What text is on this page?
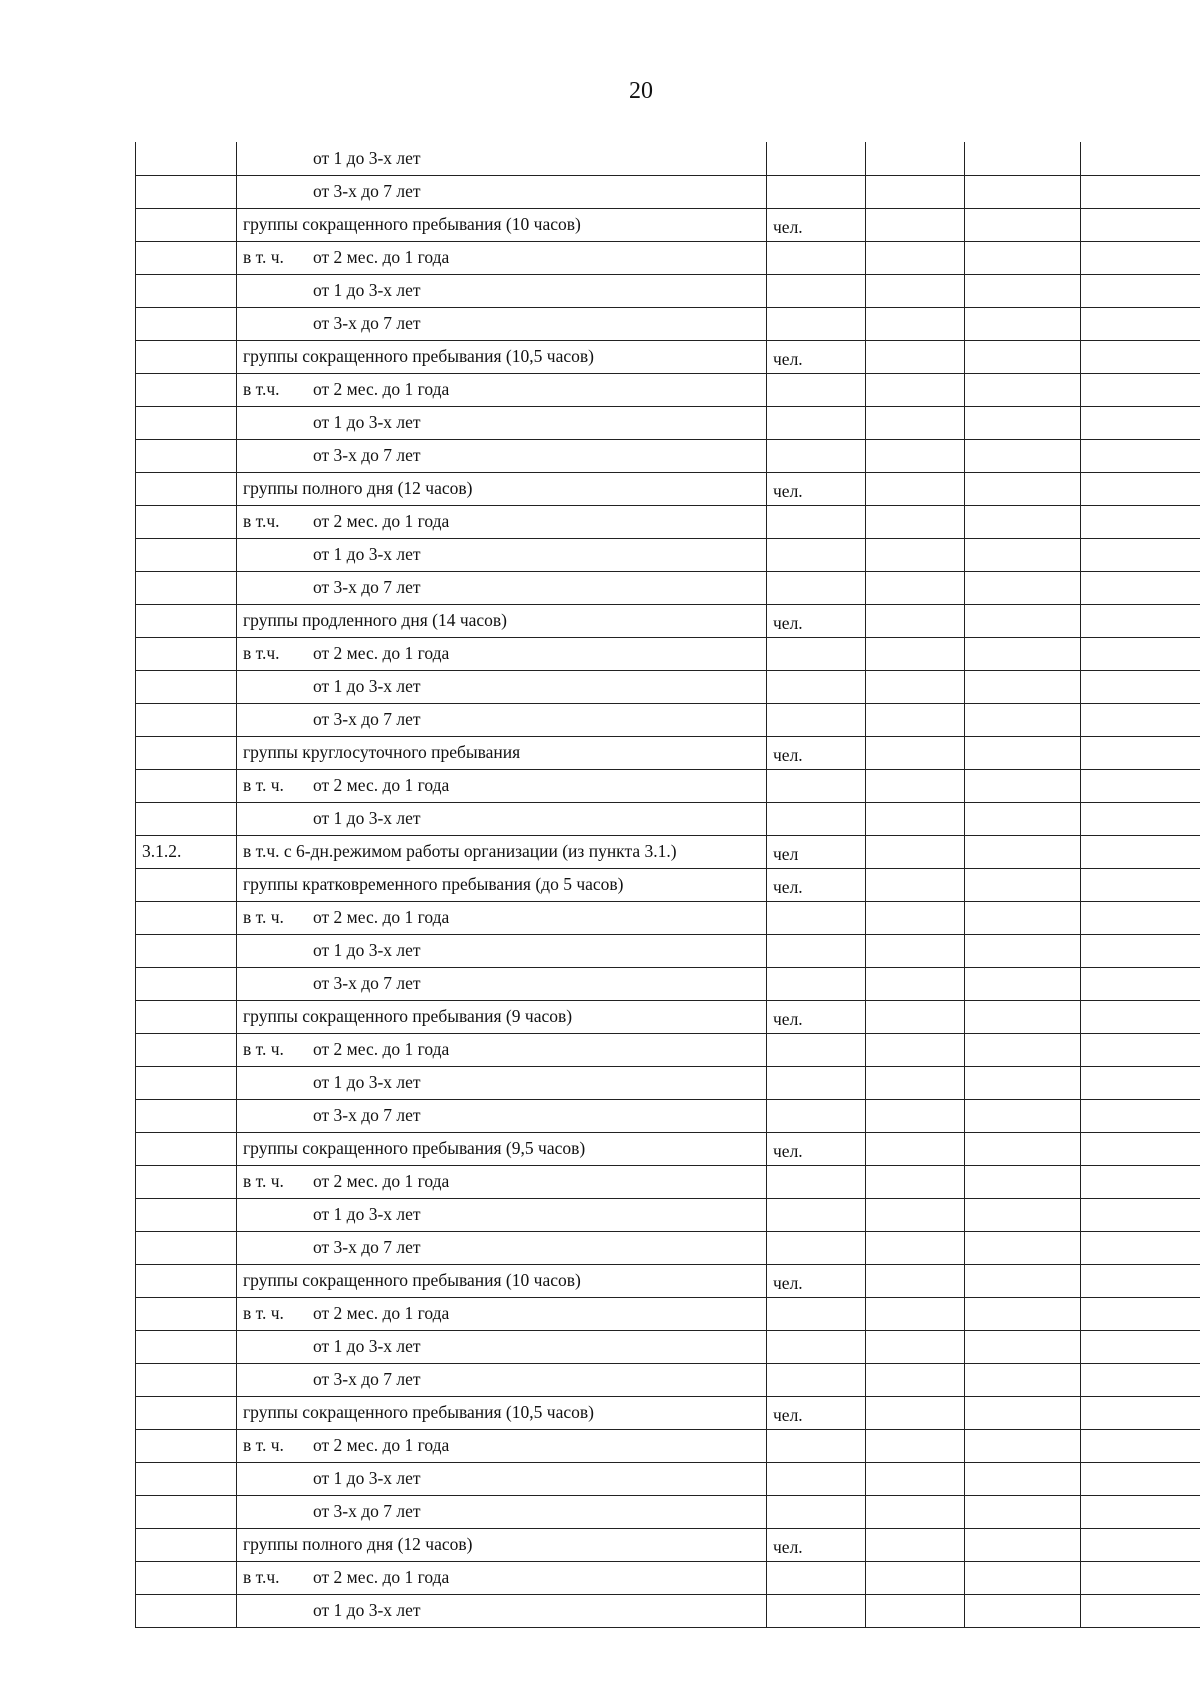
20
	от 1 до 3-х лет				
	от 3-х до 7 лет				
	группы сокращенного пребывания (10 часов)	чел.			
	в т. ч. от 2 мес. до 1 года				
	от 1 до 3-х лет				
	от 3-х до 7 лет				
	группы сокращенного пребывания (10,5 часов)	чел.			
	в т.ч. от 2 мес. до 1 года				
	от 1 до 3-х лет				
	от 3-х до 7 лет				
	группы полного дня (12 часов)	чел.			
	в т.ч. от 2 мес. до 1 года				
	от 1 до 3-х лет				
	от 3-х до 7 лет				
	группы продленного дня (14 часов)	чел.			
	в т.ч. от 2 мес. до 1 года				
	от 1 до 3-х лет				
	от 3-х до 7 лет				
	группы круглосуточного пребывания	чел.			
	в т. ч. от 2 мес. до 1 года				
	от 1 до 3-х лет				
3.1.2.	в т.ч. с 6-дн.режимом работы организации (из пункта 3.1.)	чел			
	группы кратковременного пребывания (до 5 часов)	чел.			
	в т. ч. от 2 мес. до 1 года				
	от 1 до 3-х лет				
	от 3-х до 7 лет				
	группы сокращенного пребывания (9 часов)	чел.			
	в т. ч. от 2 мес. до 1 года				
	от 1 до 3-х лет				
	от 3-х до 7 лет				
	группы сокращенного пребывания (9,5 часов)	чел.			
	в т. ч. от 2 мес. до 1 года				
	от 1 до 3-х лет				
	от 3-х до 7 лет				
	группы сокращенного пребывания (10 часов)	чел.			
	в т. ч. от 2 мес. до 1 года				
	от 1 до 3-х лет				
	от 3-х до 7 лет				
	группы сокращенного пребывания (10,5 часов)	чел.			
	в т. ч. от 2 мес. до 1 года				
	от 1 до 3-х лет				
	от 3-х до 7 лет				
	группы полного дня (12 часов)	чел.			
	в т.ч. от 2 мес. до 1 года				
	от 1 до 3-х лет				
